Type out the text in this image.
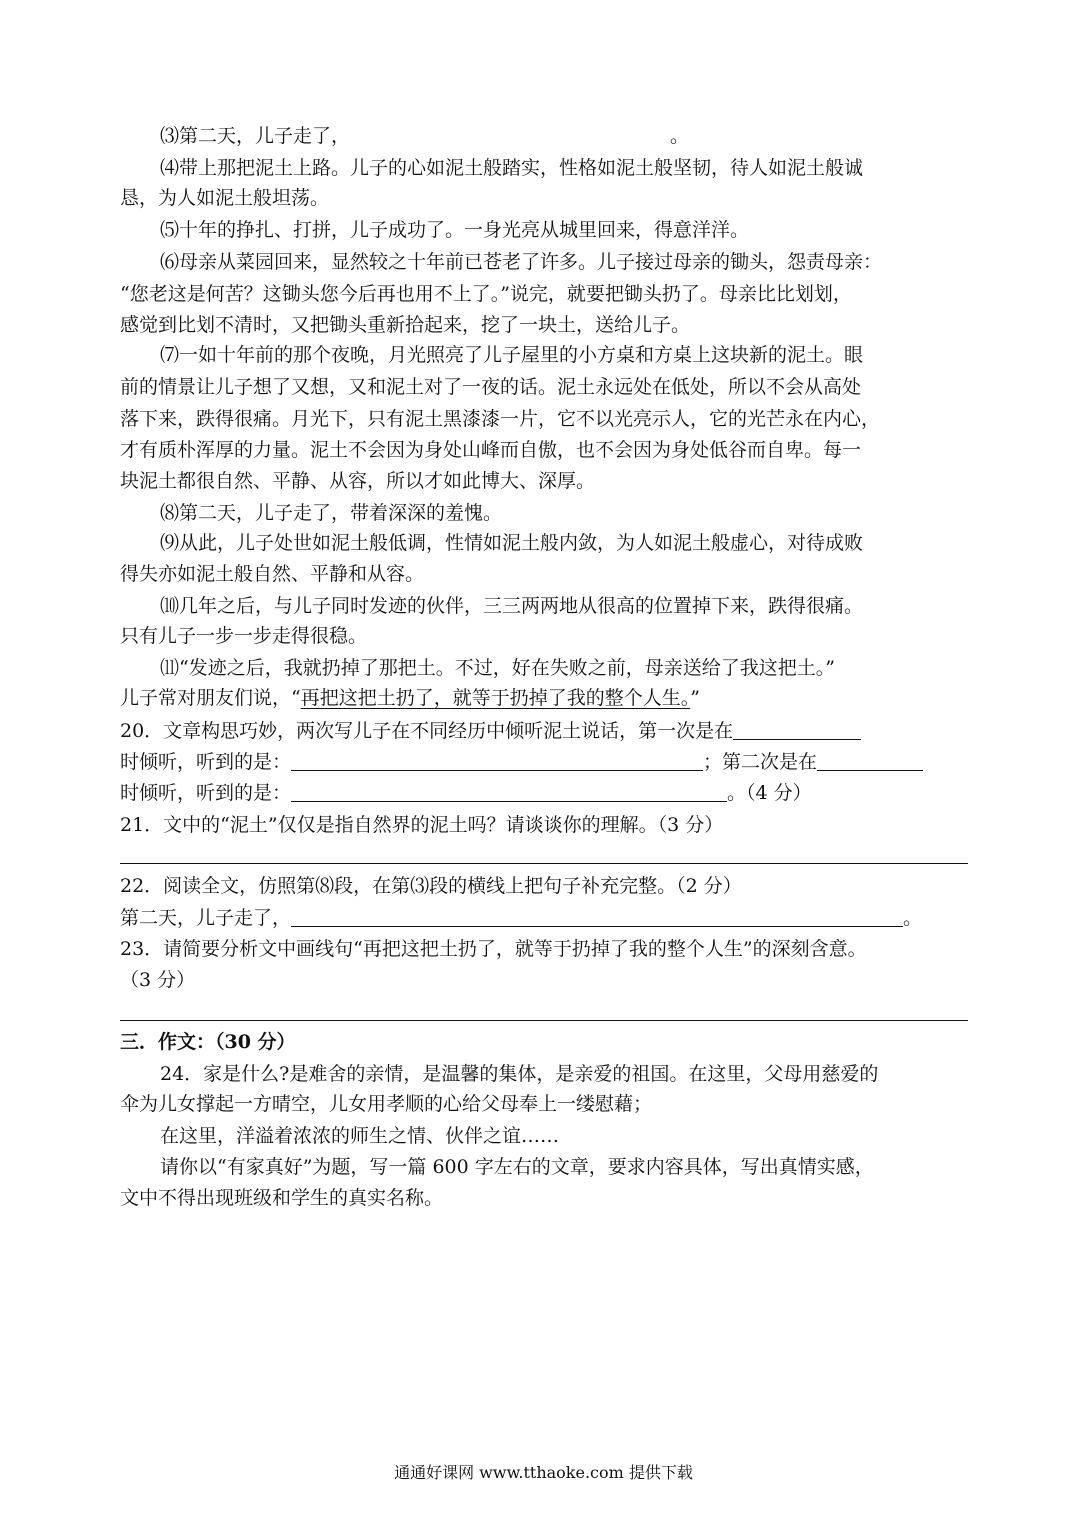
⑶第二天，儿子走了，	。
⑷带上那把泥土上路。儿子的心如泥土般踏实，性格如泥土般坚韧，待人如泥土般诚
恳，为人如泥土般坦荡。
⑸十年的挣扎、打拼，儿子成功了。一身光亮从城里回来，得意洋洋。
⑹母亲从菜园回来，显然较之十年前已苍老了许多。儿子接过母亲的锄头，怨责母亲：
“您老这是何苦？这锄头您今后再也用不上了。”说完，就要把锄头扔了。母亲比比划划，
感觉到比划不清时，又把锄头重新拾起来，挖了一块土，送给儿子。
⑺一如十年前的那个夜晚，月光照亮了儿子屋里的小方桌和方桌上这块新的泥土。眼
前的情景让儿子想了又想，又和泥土对了一夜的话。泥土永远处在低处，所以不会从高处
落下来，跌得很痛。月光下，只有泥土黑漆漆一片，它不以光亮示人，它的光芒永在内心，
才有质朴浑厚的力量。泥土不会因为身处山峰而自傲，也不会因为身处低谷而自卑。每一
块泥土都很自然、平静、从容，所以才如此博大、深厚。
⑻第二天，儿子走了，带着深深的羞愧。
⑼从此，儿子处世如泥土般低调，性情如泥土般内敛，为人如泥土般虚心，对待成败
得失亦如泥土般自然、平静和从容。
⑽几年之后，与儿子同时发迹的伙伴，三三两两地从很高的位置掉下来，跌得很痛。
只有儿子一步一步走得很稳。
⑾“发迹之后，我就扔掉了那把土。不过，好在失败之前，母亲送给了我这把土。”
儿子常对朋友们说，“再把这把土扔了，就等于扔掉了我的整个人生。”
20．文章构思巧妙，两次写儿子在不同经历中倾听泥土说话，第一次是在
时倾听，听到的是：	；第二次是在
时倾听，听到的是：	。（4 分）
21．文中的“泥土”仅仅是指自然界的泥土吗？请谈谈你的理解。（3 分）
22．阅读全文，仿照第⑻段，在第⑶段的横线上把句子补充完整。（2 分）
第二天，儿子走了，	。
23．请简要分析文中画线句“再把这把土扔了，就等于扔掉了我的整个人生”的深刻含意。
（3 分）
三．作文：（30 分）
24．家是什么?是难舍的亲情，是温馨的集体，是亲爱的祖国。在这里，父母用慈爱的
伞为儿女撑起一方晴空，儿女用孝顺的心给父母奉上一缕慰藉；
在这里，洋溢着浓浓的师生之情、伙伴之谊……
请你以“有家真好”为题，写一篇 600 字左右的文章，要求内容具体，写出真情实感，
文中不得出现班级和学生的真实名称。
通通好课网 www.tthaoke.com 提供下载
